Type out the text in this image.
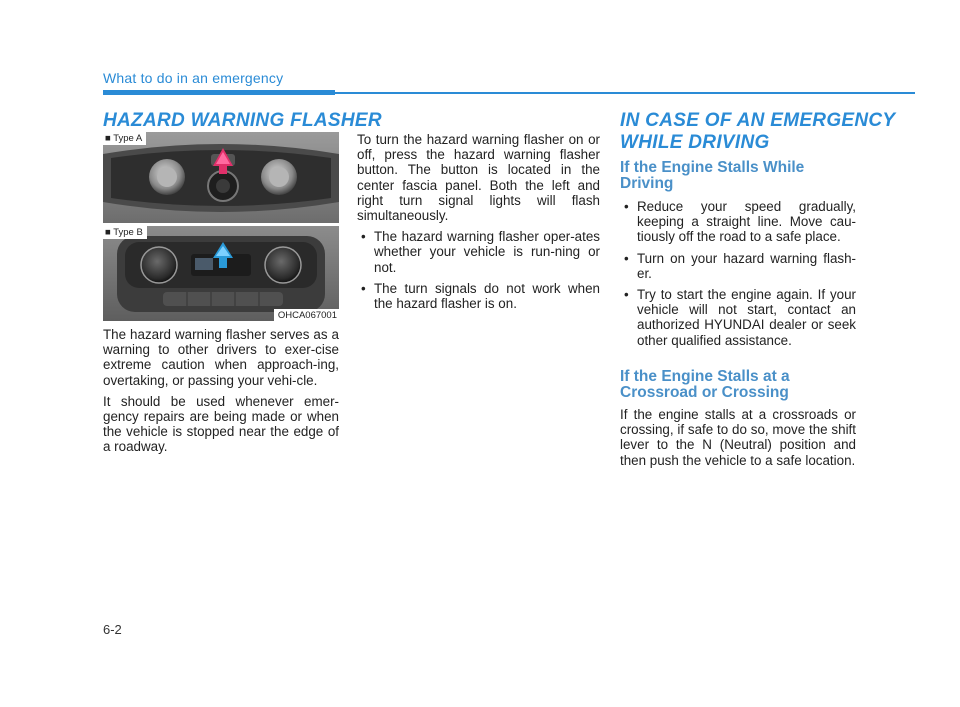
What to do in an emergency
HAZARD WARNING FLASHER
■ Type A
■ Type B
OHCA067001

The hazard warning flasher serves as a warning to other drivers to exer-cise extreme caution when approach-ing, overtaking, or passing your vehi-cle.

It should be used whenever emer-gency repairs are being made or when the vehicle is stopped near the edge of a roadway.

To turn the hazard warning flasher on or off, press the hazard warning flasher button. The button is located in the center fascia panel. Both the left and right turn signal lights will flash simultaneously.

• The hazard warning flasher oper-ates whether your vehicle is run-ning or not.
• The turn signals do not work when the hazard flasher is on.
IN CASE OF AN EMERGENCY
WHILE DRIVING
If the Engine Stalls While
Driving
• Reduce your speed gradually, keeping a straight line. Move cau-tiously off the road to a safe place.
• Turn on your hazard warning flash-er.
• Try to start the engine again. If your vehicle will not start, contact an authorized HYUNDAI dealer or seek other qualified assistance.
If the Engine Stalls at a
Crossroad or Crossing

If the engine stalls at a crossroads or crossing, if safe to do so, move the shift lever to the N (Neutral) position and then push the vehicle to a safe location.

6-2
